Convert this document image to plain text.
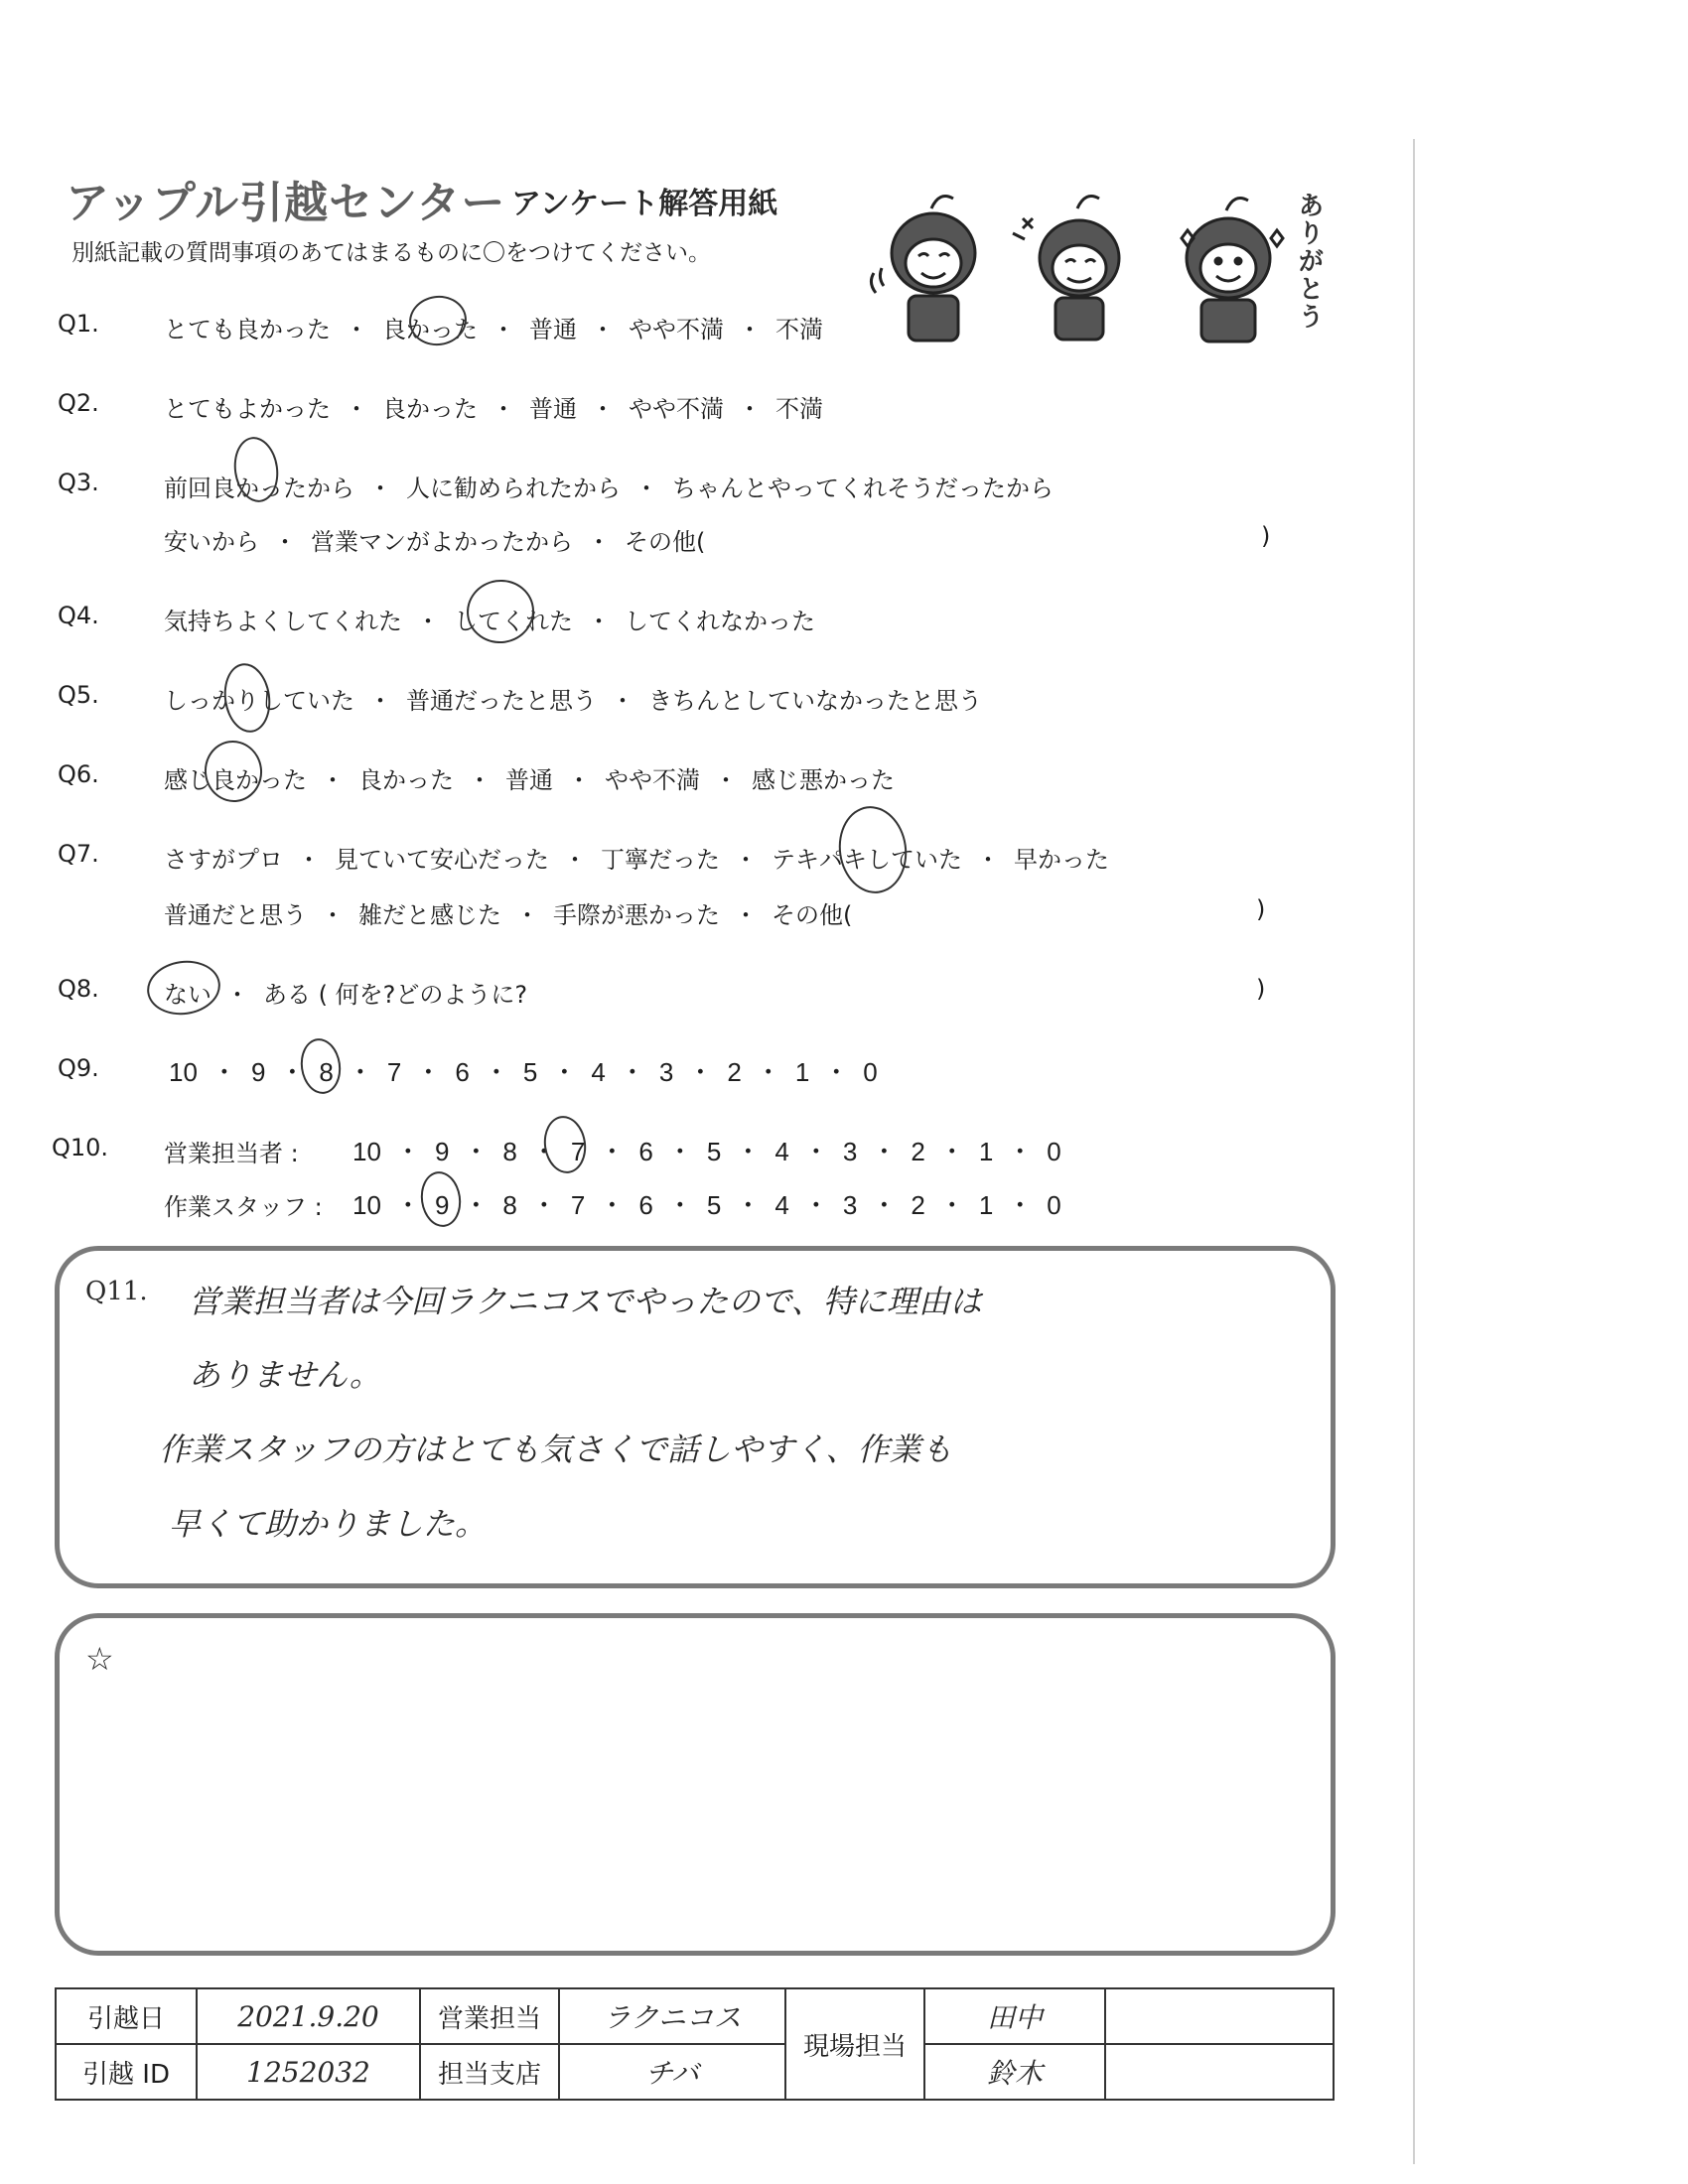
アップル引越センター アンケート解答用紙
別紙記載の質問事項のあてはまるものに〇をつけてください。	ありがとう
Q1.	とても良かった ・ 良かった ・ 普通 ・ やや不満 ・ 不満
Q2.	とてもよかった ・ 良かった ・ 普通 ・ やや不満 ・ 不満
Q3.	前回良かったから ・ 人に勧められたから ・ ちゃんとやってくれそうだったから
安いから ・ 営業マンがよかったから ・ その他(	)
Q4.	気持ちよくしてくれた ・ してくれた ・ してくれなかった
Q5.	しっかりしていた ・ 普通だったと思う ・ きちんとしていなかったと思う
Q6.	感じ良かった ・ 良かった ・ 普通 ・ やや不満 ・ 感じ悪かった
Q7.	さすがプロ ・ 見ていて安心だった ・ 丁寧だった ・ テキパキしていた ・ 早かった
普通だと思う ・ 雑だと感じた ・ 手際が悪かった ・ その他(	)
Q8.	ない ・ ある ( 何を?どのように?	)
Q9.	10 ・ 9 ・ 8 ・ 7 ・ 6 ・ 5 ・ 4 ・ 3 ・ 2 ・ 1 ・ 0
Q10. 営業担当者 : 10 ・ 9 ・ 8 ・ 7 ・ 6 ・ 5 ・ 4 ・ 3 ・ 2 ・ 1 ・ 0
作業スタッフ : 10 ・ 9 ・ 8 ・ 7 ・ 6 ・ 5 ・ 4 ・ 3 ・ 2 ・ 1 ・ 0
Q11. 営業担当者は今回ラクニコスでやったので、特に理由は
ありません。
作業スタッフの方はとても気さくで話しやすく、作業も
早くて助かりました。
☆
引越日	2021.9.20	営業担当	ラクニコス	現場担当	田中	
引越 ID	1252032	担当支店	チバ		鈴木	
